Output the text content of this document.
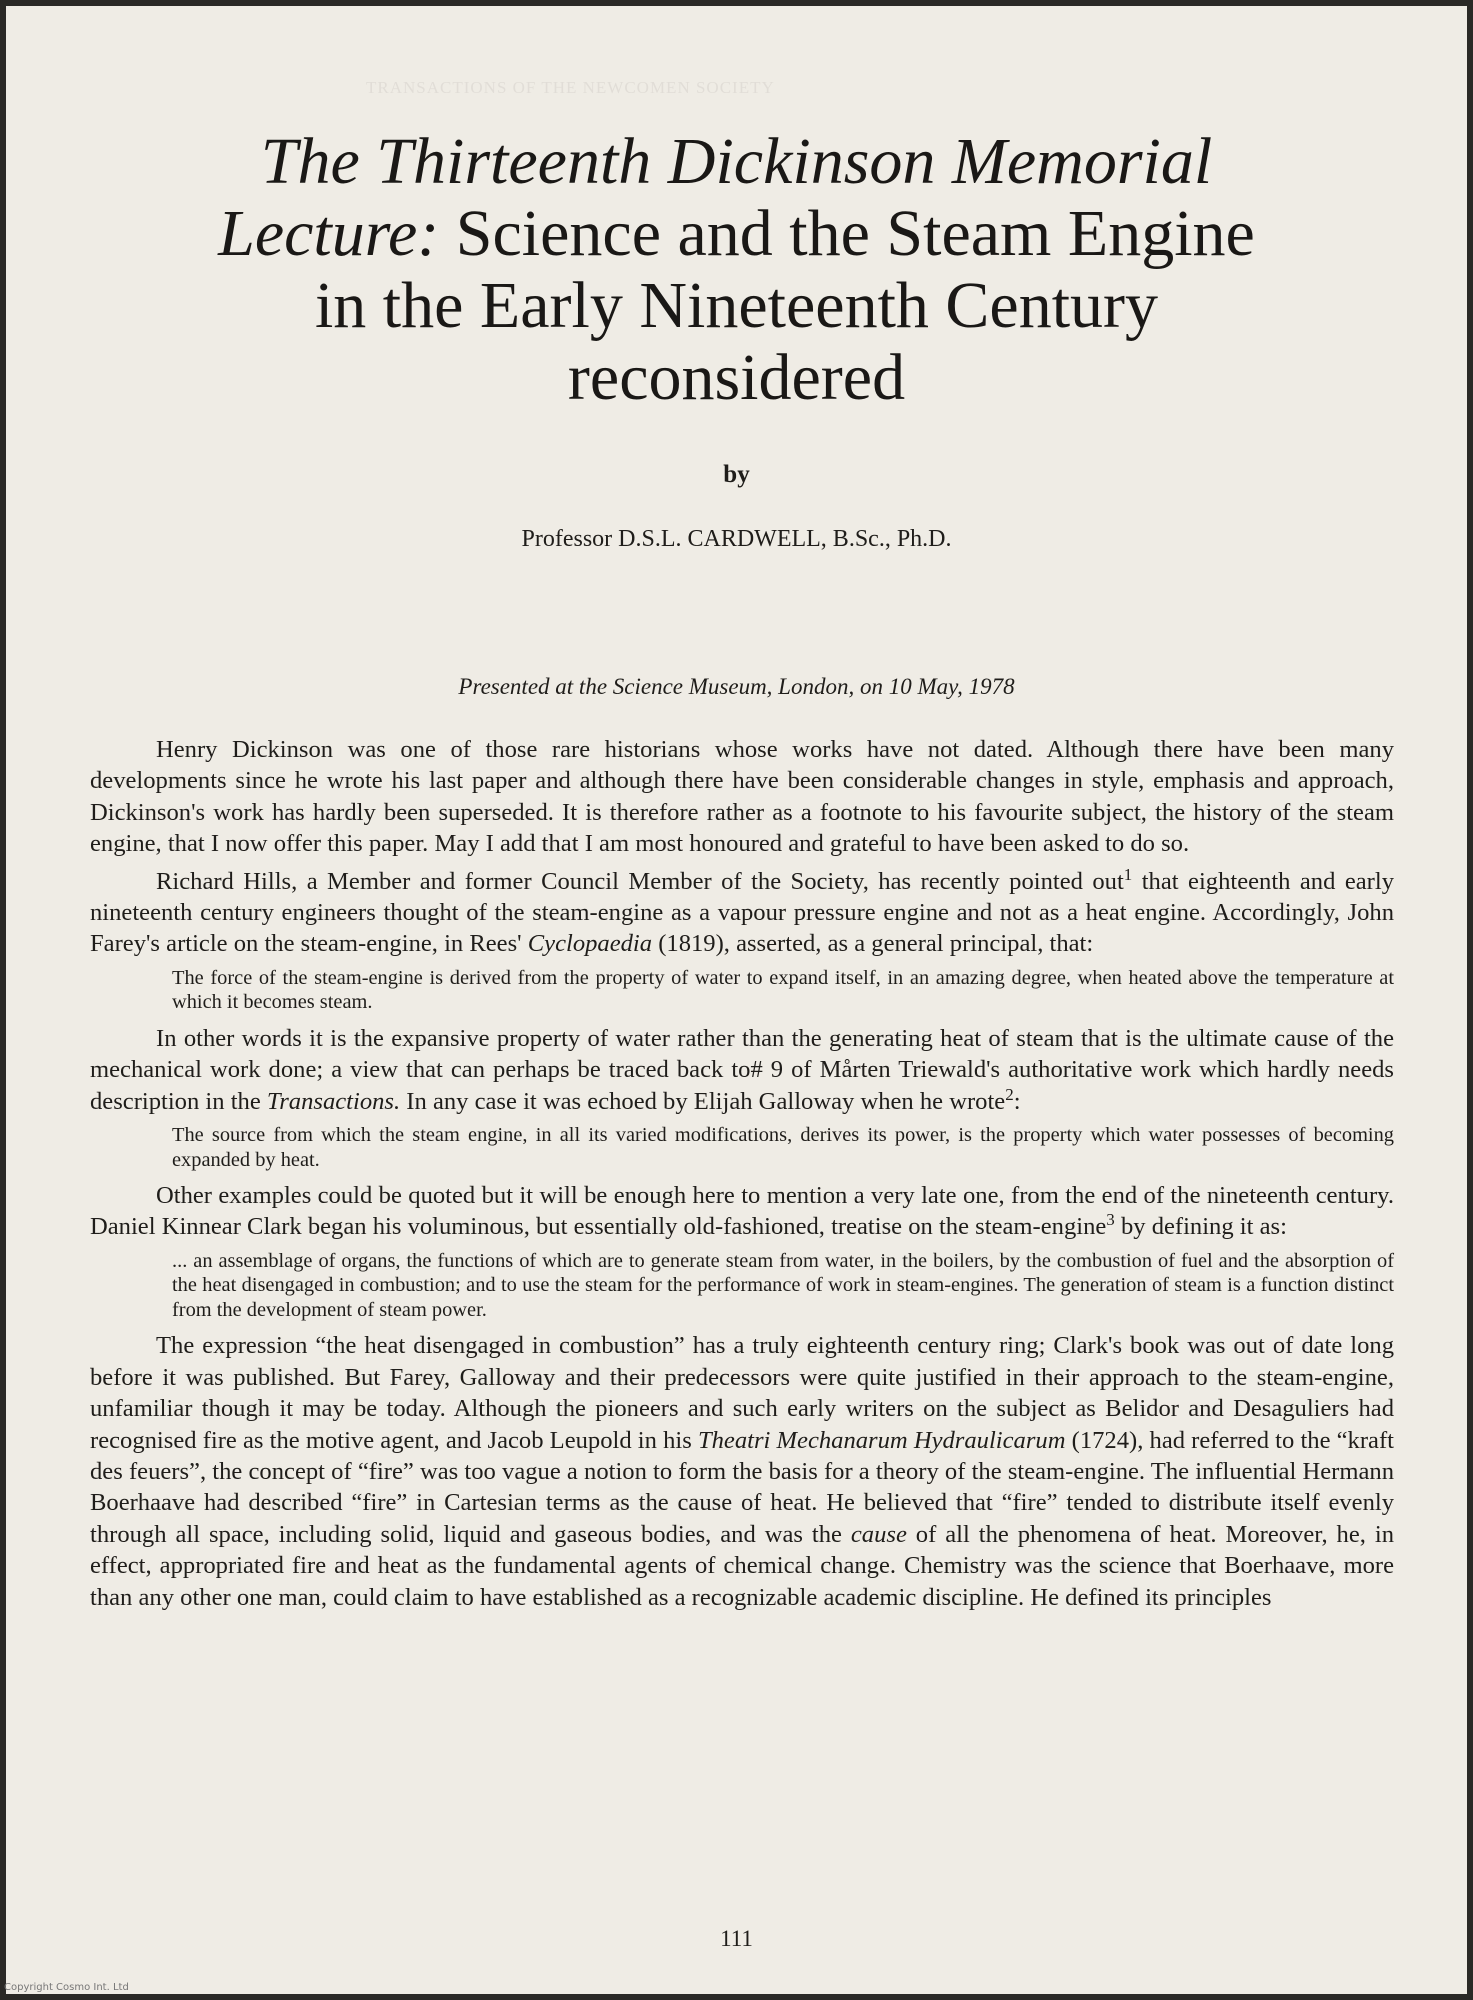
TRANSACTIONS OF THE NEWCOMEN SOCIETY
The Thirteenth Dickinson Memorial
Lecture: Science and the Steam Engine
in the Early Nineteenth Century
reconsidered
by
Professor D.S.L. CARDWELL, B.Sc., Ph.D.
Presented at the Science Museum, London, on 10 May, 1978

Henry Dickinson was one of those rare historians whose works have not dated. Although there have been many developments since he wrote his last paper and although there have been considerable changes in style, emphasis and approach, Dickinson's work has hardly been superseded. It is therefore rather as a footnote to his favourite subject, the history of the steam engine, that I now offer this paper. May I add that I am most honoured and grateful to have been asked to do so.

Richard Hills, a Member and former Council Member of the Society, has recently pointed out$^1$ that eighteenth and early nineteenth century engineers thought of the steam-engine as a vapour pressure engine and not as a heat engine. Accordingly, John Farey's article on the steam-engine, in Rees' Cyclopaedia (1819), asserted, as a general principal, that:

The force of the steam-engine is derived from the property of water to expand itself, in an amazing degree, when heated above the temperature at which it becomes steam.

In other words it is the expansive property of water rather than the generating heat of steam that is the ultimate cause of the mechanical work done; a view that can perhaps be traced back to# 9 of Mårten Triewald's authoritative work which hardly needs description in the Transactions. In any case it was echoed by Elijah Galloway when he wrote$^2$:

The source from which the steam engine, in all its varied modifications, derives its power, is the property which water possesses of becoming expanded by heat.

Other examples could be quoted but it will be enough here to mention a very late one, from the end of the nineteenth century. Daniel Kinnear Clark began his voluminous, but essentially old-fashioned, treatise on the steam-engine$^3$ by defining it as:

... an assemblage of organs, the functions of which are to generate steam from water, in the boilers, by the combustion of fuel and the absorption of the heat disengaged in combustion; and to use the steam for the performance of work in steam-engines. The generation of steam is a function distinct from the development of steam power.

The expression “the heat disengaged in combustion” has a truly eighteenth century ring; Clark's book was out of date long before it was published. But Farey, Galloway and their predecessors were quite justified in their approach to the steam-engine, unfamiliar though it may be today. Although the pioneers and such early writers on the subject as Belidor and Desaguliers had recognised fire as the motive agent, and Jacob Leupold in his Theatri Mechanarum Hydraulicarum (1724), had referred to the “kraft des feuers”, the concept of “fire” was too vague a notion to form the basis for a theory of the steam-engine. The influential Hermann Boerhaave had described “fire” in Cartesian terms as the cause of heat. He believed that “fire” tended to distribute itself evenly through all space, including solid, liquid and gaseous bodies, and was the cause of all the phenomena of heat. Moreover, he, in effect, appropriated fire and heat as the fundamental agents of chemical change. Chemistry was the science that Boerhaave, more than any other one man, could claim to have established as a recognizable academic discipline. He defined its principles

111
Copyright Cosmo Int. Ltd
